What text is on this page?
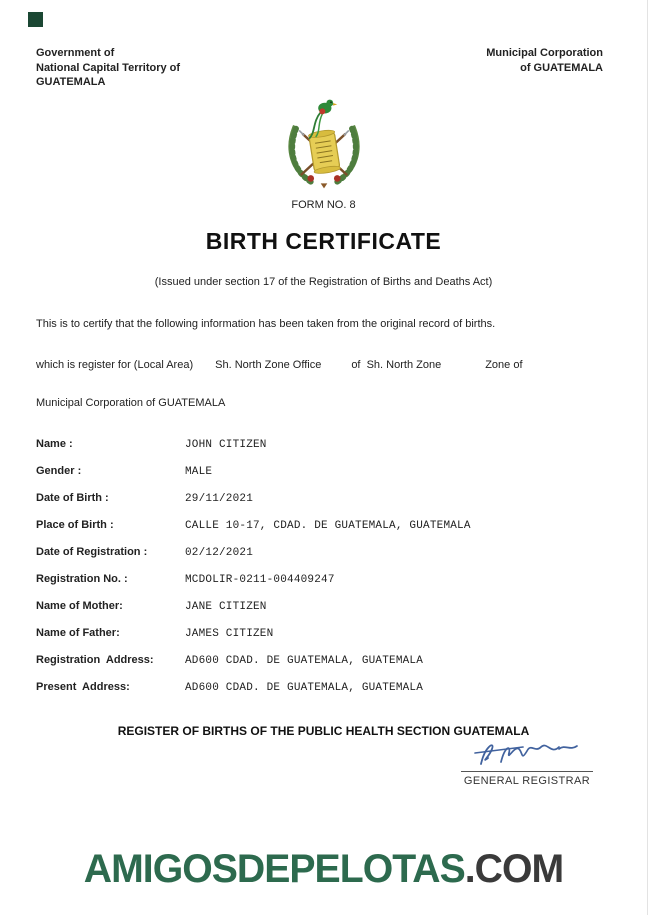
Government of
National Capital Territory of
GUATEMALA
Municipal Corporation
of GUATEMALA
FORM NO. 8
BIRTH CERTIFICATE
(Issued under section 17 of the Registration of Births and Deaths Act)
This is to certify that the following information has been taken from the original record of births.
which is register for (Local Area) Sh. North Zone Office	of  Sh. North Zone	Zone of
Municipal Corporation of GUATEMALA
Name :	JOHN CITIZEN
Gender :	MALE
Date of Birth :	29/11/2021
Place of Birth :	CALLE 10-17, CDAD. DE GUATEMALA, GUATEMALA
Date of Registration :	02/12/2021
Registration No. :	MCDOLIR-0211-004409247
Name of Mother:	JANE CITIZEN
Name of Father:	JAMES CITIZEN
Registration  Address:	AD600 CDAD. DE GUATEMALA, GUATEMALA
Present  Address:	AD600 CDAD. DE GUATEMALA, GUATEMALA
REGISTER OF BIRTHS OF THE PUBLIC HEALTH SECTION GUATEMALA
GENERAL REGISTRAR
AMIGOSDEPELOTAS.COM
